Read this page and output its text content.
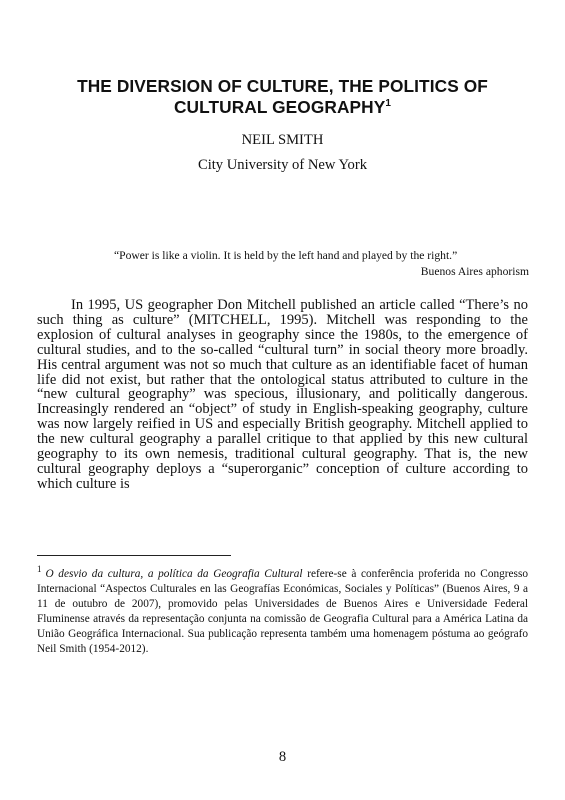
THE DIVERSION OF CULTURE, THE POLITICS OF CULTURAL GEOGRAPHY$^1$
NEIL SMITH
City University of New York
“Power is like a violin. It is held by the left hand and played by the right.”
Buenos Aires aphorism

In 1995, US geographer Don Mitchell published an article called “There’s no such thing as culture” (MITCHELL, 1995). Mitchell was responding to the explosion of cultural analyses in geography since the 1980s, to the emergence of cultural studies, and to the so-called “cultural turn” in social theory more broadly. His central argument was not so much that culture as an identifiable facet of human life did not exist, but rather that the ontological status attributed to culture in the “new cultural geography” was specious, illusionary, and politically dangerous. Increasingly rendered an “object” of study in English-speaking geography, culture was now largely reified in US and especially British geography. Mitchell applied to the new cultural geography a parallel critique to that applied by this new cultural geography to its own nemesis, traditional cultural geography. That is, the new cultural geography deploys a “superorganic” conception of culture according to which culture is

$^1$ O desvio da cultura, a política da Geografia Cultural refere-se à conferência proferida no Congresso Internacional “Aspectos Culturales en las Geografías Económicas, Sociales y Políticas” (Buenos Aires, 9 a 11 de outubro de 2007), promovido pelas Universidades de Buenos Aires e Universidade Federal Fluminense através da representação conjunta na comissão de Geografia Cultural para a América Latina da União Geográfica Internacional. Sua publicação representa também uma homenagem póstuma ao geógrafo Neil Smith (1954-2012).

8
